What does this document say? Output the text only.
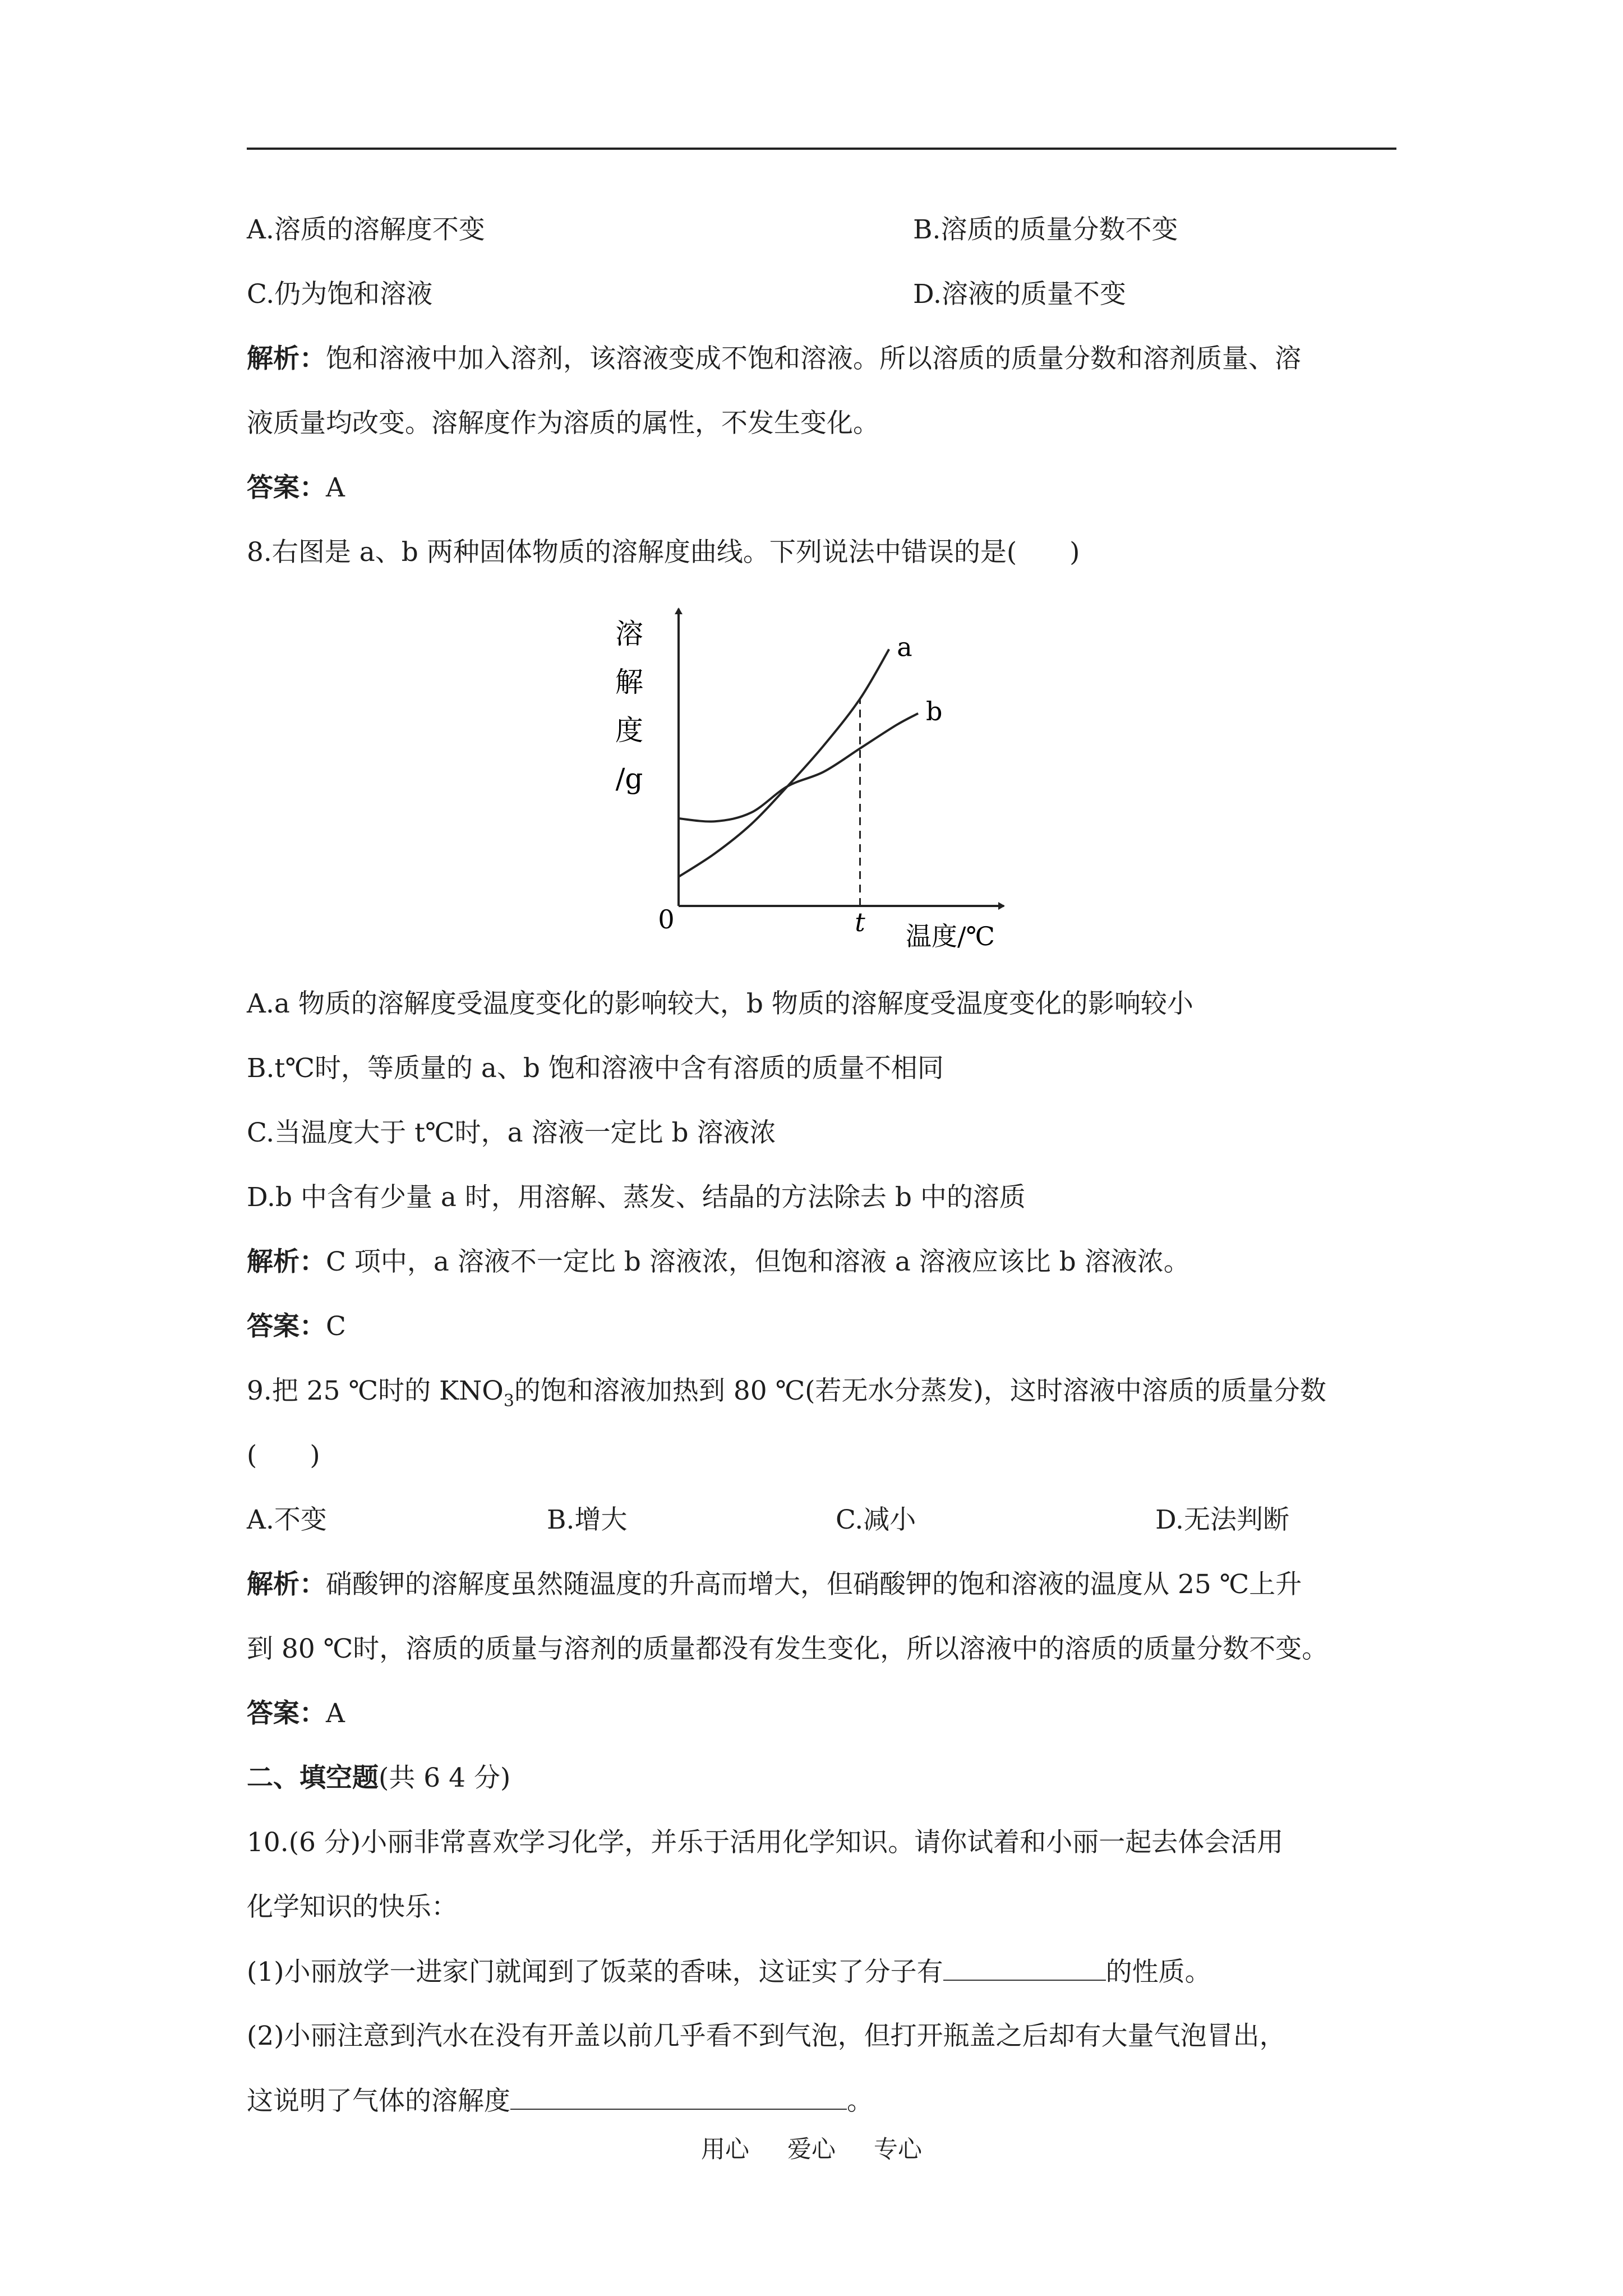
A.溶质的溶解度不变	B.溶质的质量分数不变
C.仍为饱和溶液	D.溶液的质量不变
解析：饱和溶液中加入溶剂，该溶液变成不饱和溶液。所以溶质的质量分数和溶剂质量、溶
液质量均改变。溶解度作为溶质的属性，不发生变化。
答案：A
8.右图是 a、b 两种固体物质的溶解度曲线。下列说法中错误的是(　　)
溶
解
度
/g
0
温度/℃
a
b
t
A.a 物质的溶解度受温度变化的影响较大，b 物质的溶解度受温度变化的影响较小
B.t℃时，等质量的 a、b 饱和溶液中含有溶质的质量不相同
C.当温度大于 t℃时，a 溶液一定比 b 溶液浓
D.b 中含有少量 a 时，用溶解、蒸发、结晶的方法除去 b 中的溶质
解析：C 项中，a 溶液不一定比 b 溶液浓，但饱和溶液 a 溶液应该比 b 溶液浓。
答案：C
9.把 25 ℃时的 $KNO_3$的饱和溶液加热到 80 ℃(若无水分蒸发)，这时溶液中溶质的质量分数
(　　)
A.不变	B.增大	C.减小	D.无法判断
解析：硝酸钾的溶解度虽然随温度的升高而增大，但硝酸钾的饱和溶液的温度从 25 ℃上升
到 80 ℃时，溶质的质量与溶剂的质量都没有发生变化，所以溶液中的溶质的质量分数不变。
答案：A
二、填空题(共 6 4 分)
10.(6 分)小丽非常喜欢学习化学，并乐于活用化学知识。请你试着和小丽一起去体会活用
化学知识的快乐：
(1)小丽放学一进家门就闻到了饭菜的香味，这证实了分子有	的性质。
(2)小丽注意到汽水在没有开盖以前几乎看不到气泡，但打开瓶盖之后却有大量气泡冒出，
这说明了气体的溶解度	。
用心 爱心 专心
